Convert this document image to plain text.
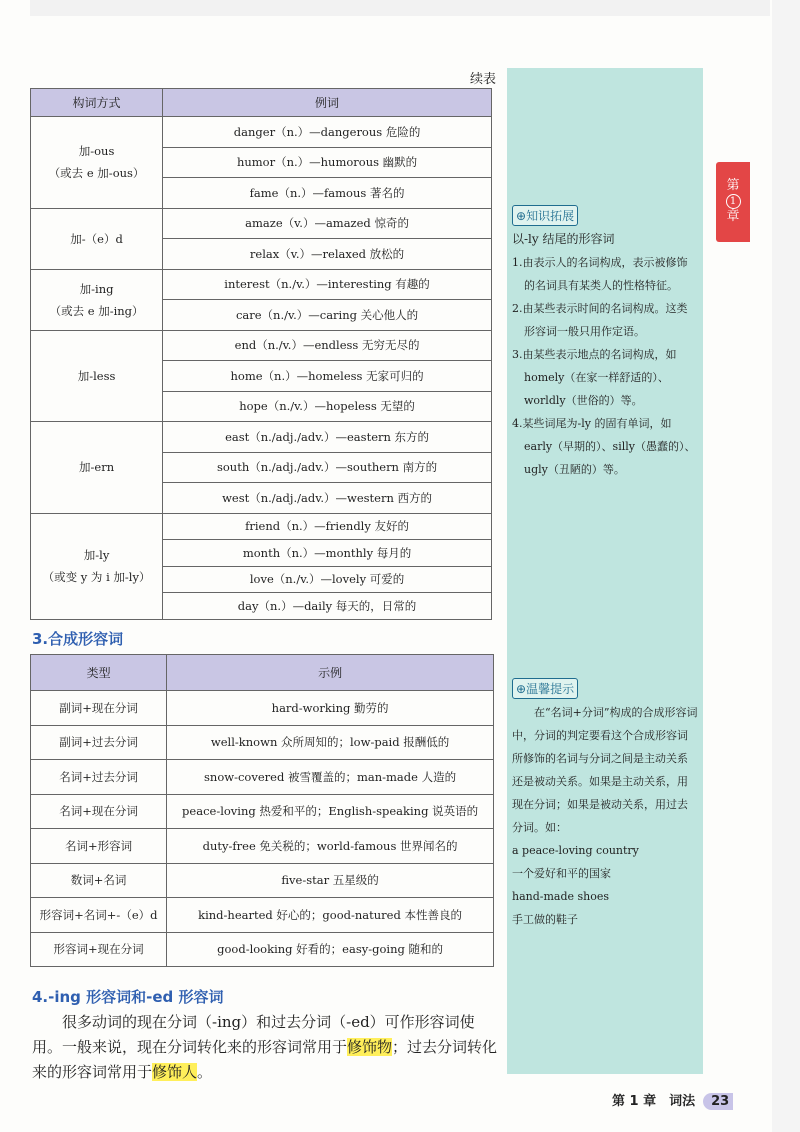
第
1
章
续表
构词方式	例词

加-ous
（或去 e 加-ous）	danger（n.）—dangerous 危险的
	humor（n.）—humorous 幽默的
	fame（n.）—famous 著名的

加-（e）d	amaze（v.）—amazed 惊奇的
	relax（v.）—relaxed 放松的

加-ing
（或去 e 加-ing）	interest（n./v.）—interesting 有趣的
	care（n./v.）—caring 关心他人的

加-less	end（n./v.）—endless 无穷无尽的
	home（n.）—homeless 无家可归的
	hope（n./v.）—hopeless 无望的

加-ern	east（n./adj./adv.）—eastern 东方的
	south（n./adj./adv.）—southern 南方的
	west（n./adj./adv.）—western 西方的

加-ly
（或变 y 为 i 加-ly）	friend（n.）—friendly 友好的
	month（n.）—monthly 每月的
	love（n./v.）—lovely 可爱的
	day（n.）—daily 每天的，日常的
3.合成形容词
类型	示例
副词+现在分词	hard-working 勤劳的
副词+过去分词	well-known 众所周知的；low-paid 报酬低的
名词+过去分词	snow-covered 被雪覆盖的；man-made 人造的
名词+现在分词	peace-loving 热爱和平的；English-speaking 说英语的
名词+形容词	duty-free 免关税的；world-famous 世界闻名的
数词+名词	five-star 五星级的
形容词+名词+-（e）d	kind-hearted 好心的；good-natured 本性善良的
形容词+现在分词	good-looking 好看的；easy-going 随和的
4.-ing 形容词和-ed 形容词
很多动词的现在分词（-ing）和过去分词（-ed）可作形容词使用。一般来说，现在分词转化来的形容词常用于修饰物；过去分词转化来的形容词常用于修饰人。
⊕知识拓展

以-ly 结尾的形容词

1.由表示人的名词构成，表示被修饰的名词具有某类人的性格特征。

2.由某些表示时间的名词构成。这类形容词一般只用作定语。

3.由某些表示地点的名词构成，如 homely（在家一样舒适的）、worldly（世俗的）等。

4.某些词尾为-ly 的固有单词，如 early（早期的）、silly（愚蠢的）、ugly（丑陋的）等。

⊕温馨提示

在“名词+分词”构成的合成形容词中，分词的判定要看这个合成形容词所修饰的名词与分词之间是主动关系还是被动关系。如果是主动关系，用现在分词；如果是被动关系，用过去分词。如：

a peace-loving country

一个爱好和平的国家

hand-made shoes

手工做的鞋子

第 1 章　词法 23
